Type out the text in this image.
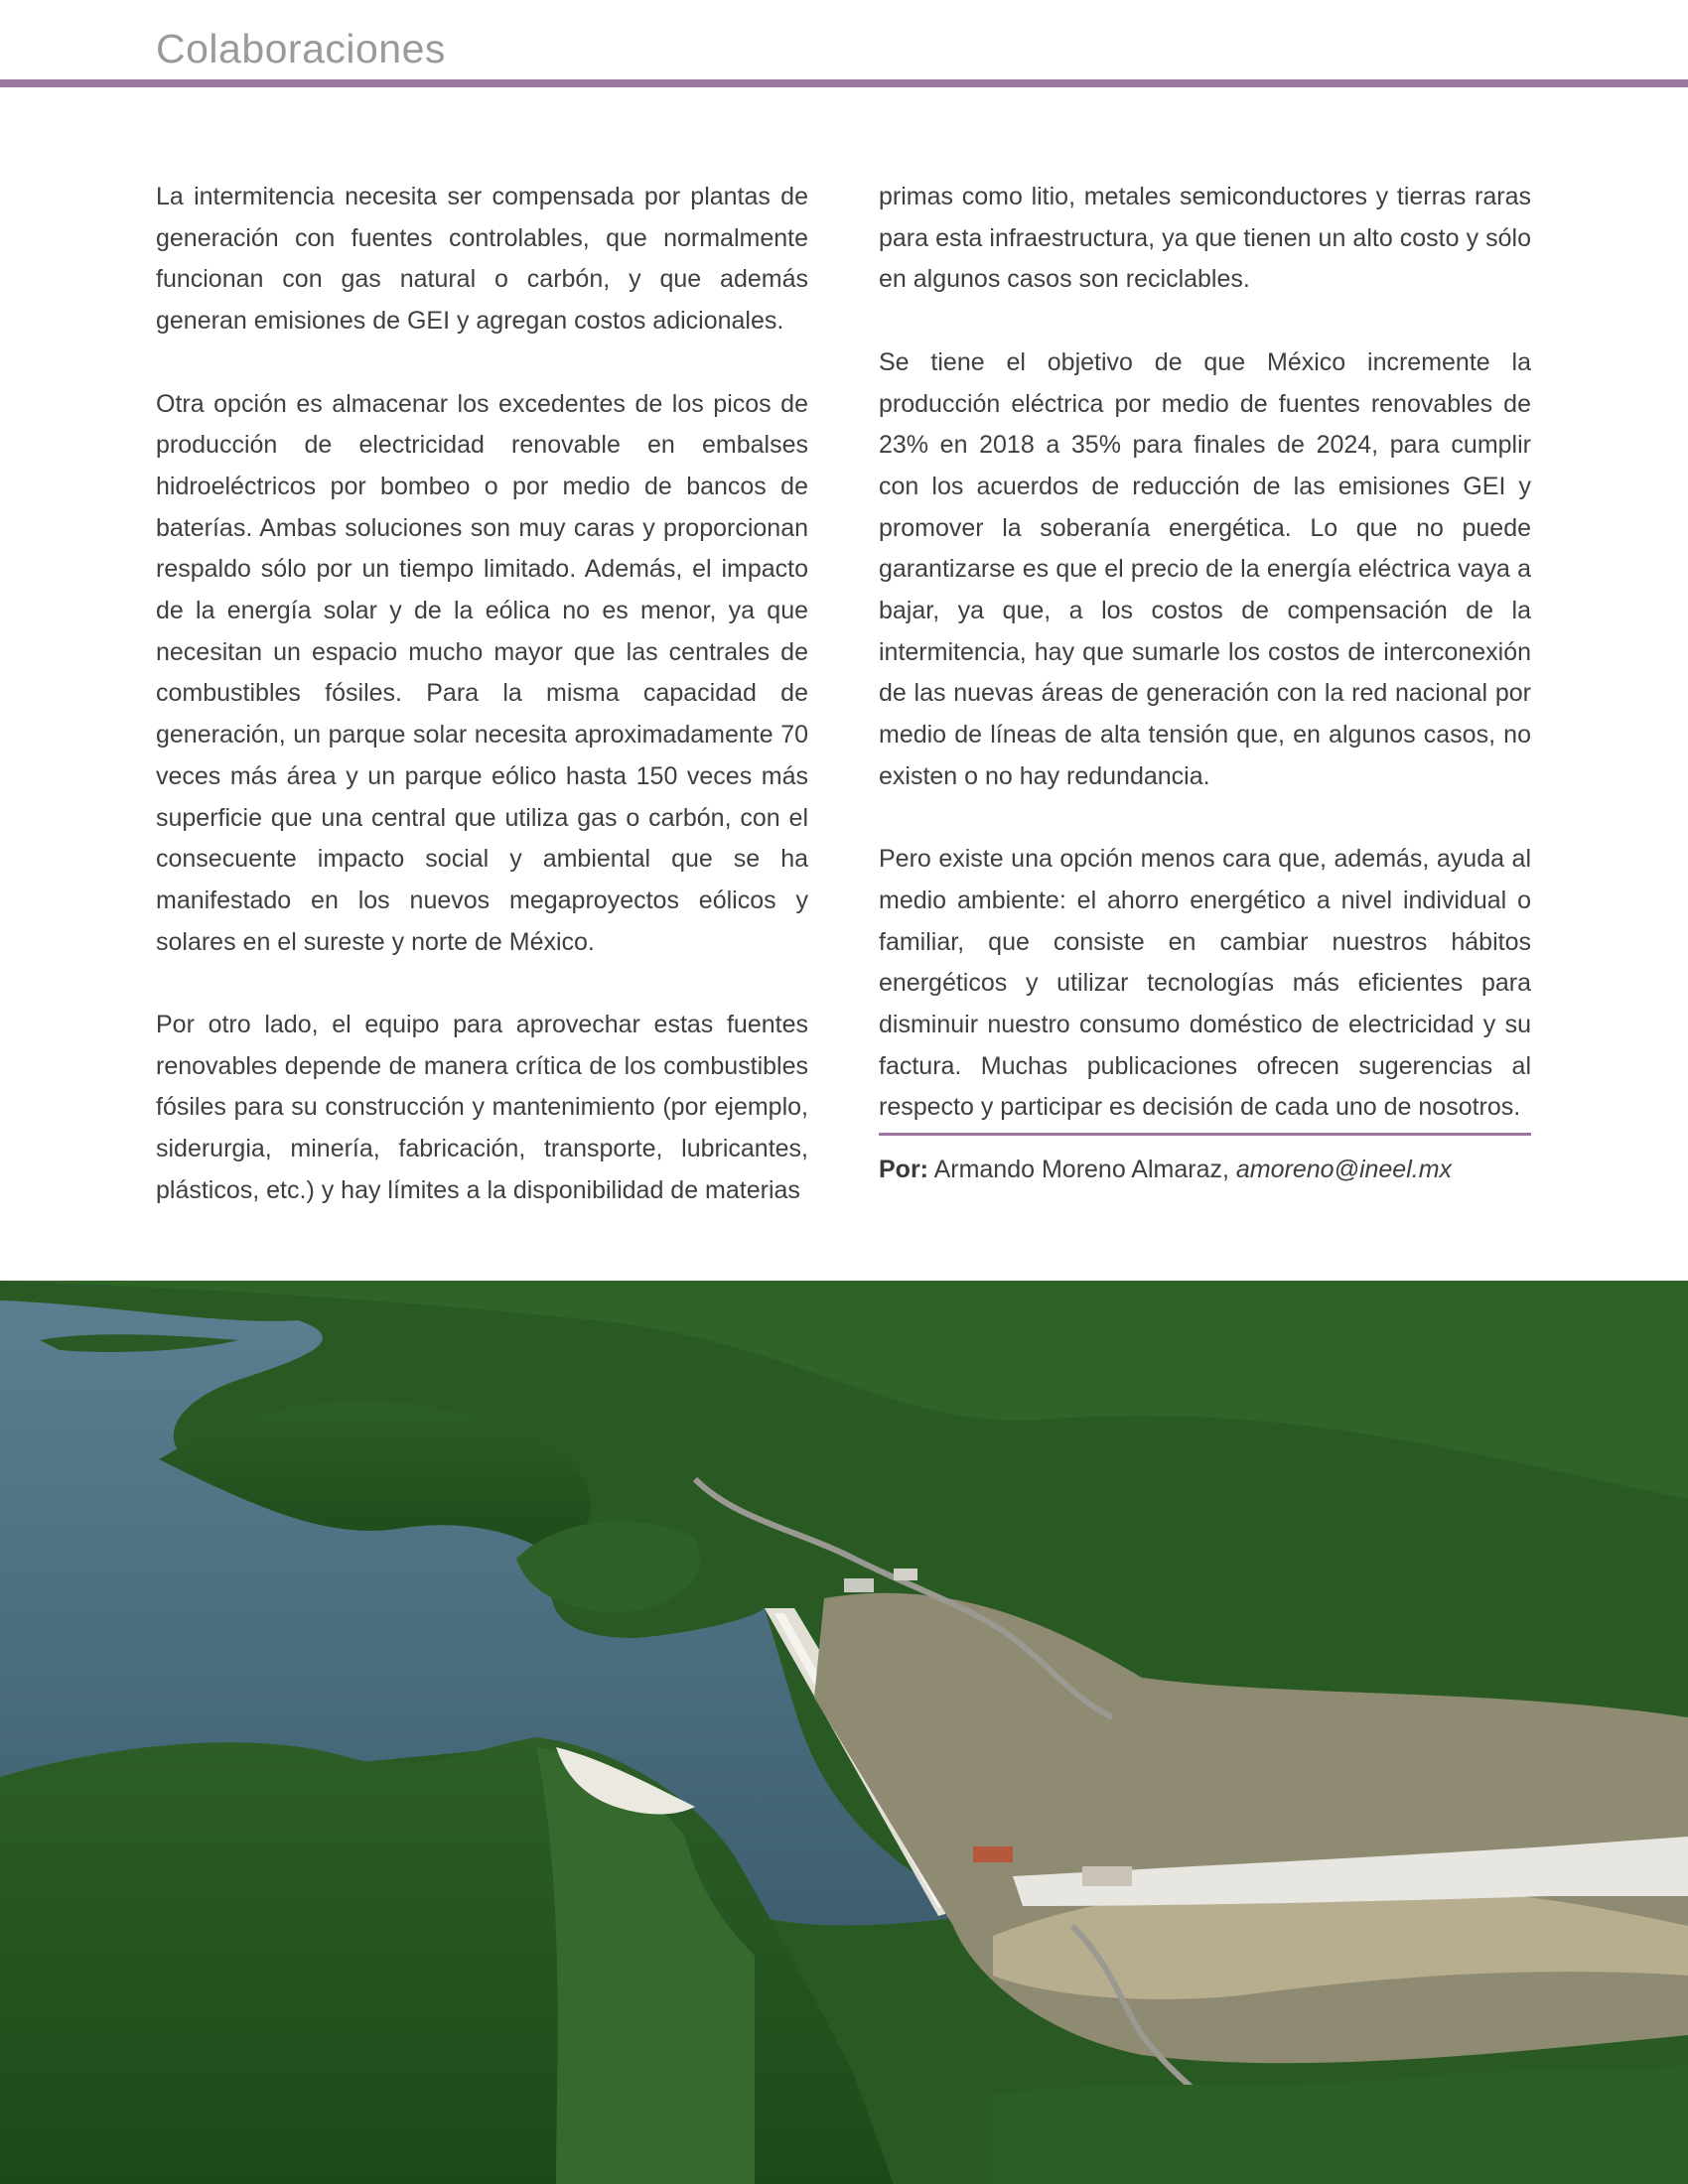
Colaboraciones

La intermitencia necesita ser compensada por plantas de generación con fuentes controlables, que normalmente funcionan con gas natural o carbón, y que además generan emisiones de GEI y agregan costos adicionales.

Otra opción es almacenar los excedentes de los picos de producción de electricidad renovable en embalses hidroeléctricos por bombeo o por medio de bancos de baterías. Ambas soluciones son muy caras y proporcionan respaldo sólo por un tiempo limitado. Además, el impacto de la energía solar y de la eólica no es menor, ya que necesitan un espacio mucho mayor que las centrales de combustibles fósiles. Para la misma capacidad de generación, un parque solar necesita aproximadamente 70 veces más área y un parque eólico hasta 150 veces más superficie que una central que utiliza gas o carbón, con el consecuente impacto social y ambiental que se ha manifestado en los nuevos megaproyectos eólicos y solares en el sureste y norte de México.

Por otro lado, el equipo para aprovechar estas fuentes renovables depende de manera crítica de los combustibles fósiles para su construcción y mantenimiento (por ejemplo, siderurgia, minería, fabricación, transporte, lubricantes, plásticos, etc.) y hay límites a la disponibilidad de materias

primas como litio, metales semiconductores y tierras raras para esta infraestructura, ya que tienen un alto costo y sólo en algunos casos son reciclables.

Se tiene el objetivo de que México incremente la producción eléctrica por medio de fuentes renovables de 23% en 2018 a 35% para finales de 2024, para cumplir con los acuerdos de reducción de las emisiones GEI y promover la soberanía energética. Lo que no puede garantizarse es que el precio de la energía eléctrica vaya a bajar, ya que, a los costos de compensación de la intermitencia, hay que sumarle los costos de interconexión de las nuevas áreas de generación con la red nacional por medio de líneas de alta tensión que, en algunos casos, no existen o no hay redundancia.

Pero existe una opción menos cara que, además, ayuda al medio ambiente: el ahorro energético a nivel individual o familiar, que consiste en cambiar nuestros hábitos energéticos y utilizar tecnologías más eficientes para disminuir nuestro consumo doméstico de electricidad y su factura. Muchas publicaciones ofrecen sugerencias al respecto y participar es decisión de cada uno de nosotros.

Por: Armando Moreno Almaraz, amoreno@ineel.mx
